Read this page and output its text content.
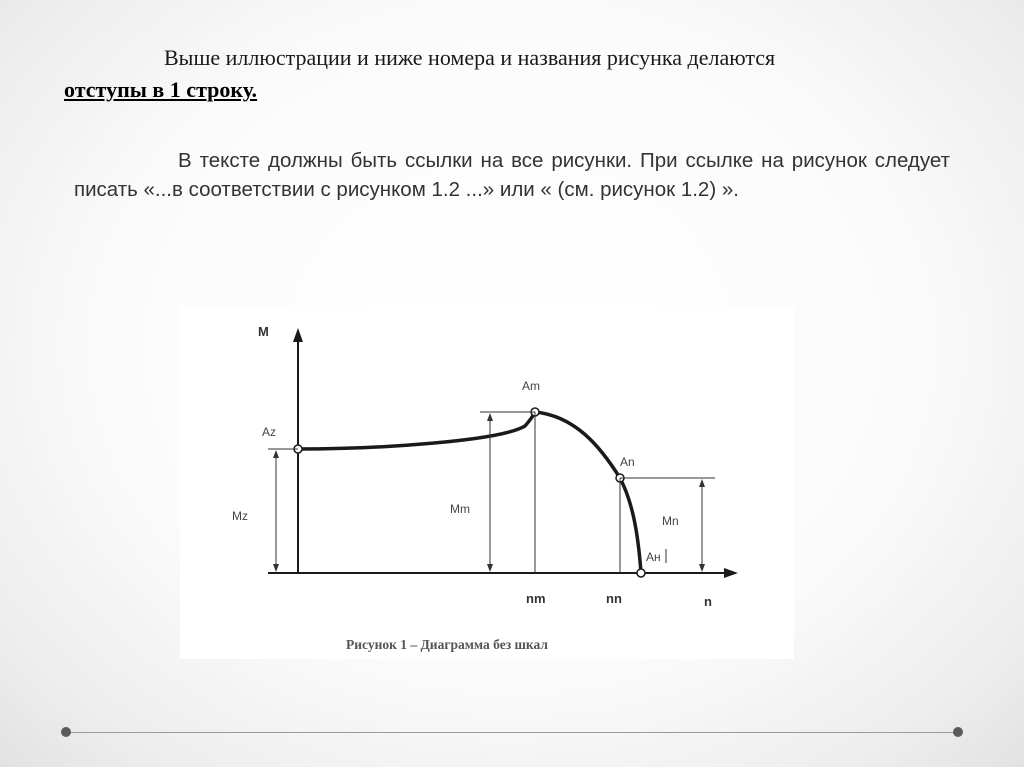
Выше иллюстрации и ниже номера и названия рисунка делаются
отступы в 1 строку.
В тексте должны быть ссылки на все рисунки. При ссылке на рисунок следует писать «...в соответствии с рисунком 1.2 ...» или « (см. рисунок 1.2) ».
M
n
Az
Am
An
Aн
Mz	Mm
Mn
nm	nn
Рисунок 1 – Диаграмма без шкал
